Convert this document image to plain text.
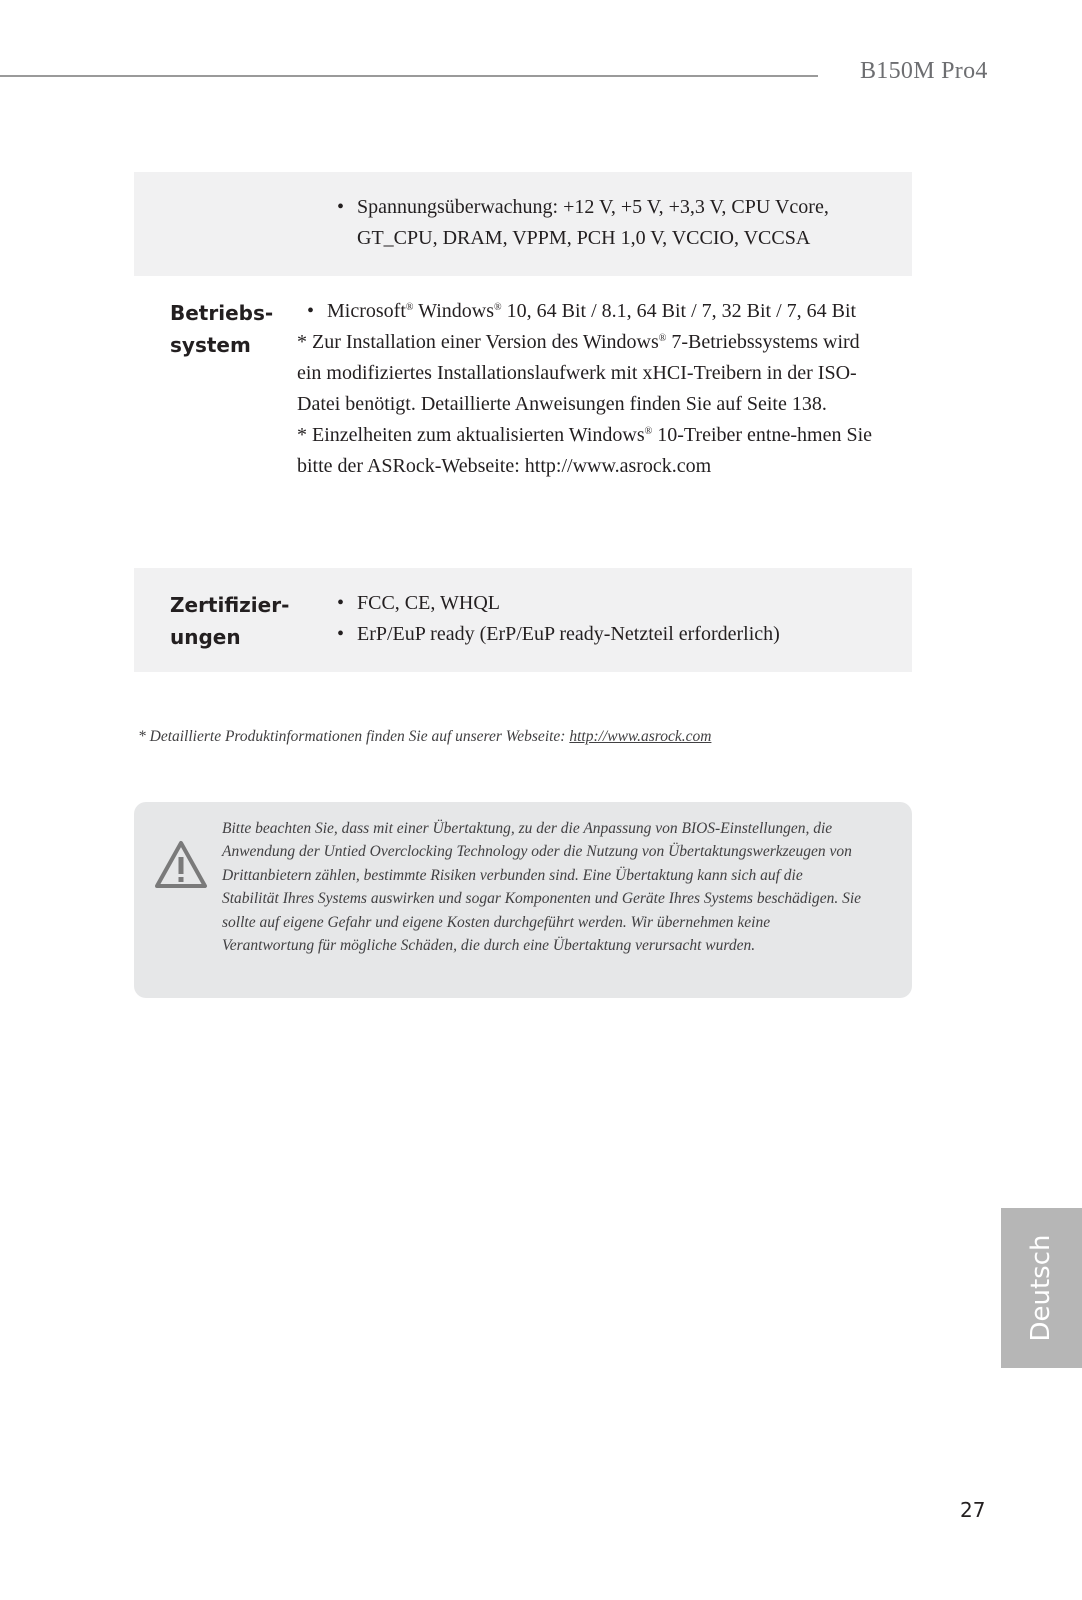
B150M Pro4
• Spannungsüberwachung: +12 V, +5 V, +3,3 V, CPU Vcore, GT_CPU, DRAM, VPPM, PCH 1,0 V, VCCIO, VCCSA
Betriebs-
system
• Microsoft® Windows® 10, 64 Bit / 8.1, 64 Bit / 7, 32 Bit / 7, 64 Bit
* Zur Installation einer Version des Windows® 7-Betriebssystems wird ein modifiziertes Installationslaufwerk mit xHCI-Treibern in der ISO-Datei benötigt. Detaillierte Anweisungen finden Sie auf Seite 138.
* Einzelheiten zum aktualisierten Windows® 10-Treiber entne-hmen Sie bitte der ASRock-Webseite: http://www.asrock.com
Zertifizier-
ungen
• FCC, CE, WHQL
• ErP/EuP ready (ErP/EuP ready-Netzteil erforderlich)
* Detaillierte Produktinformationen finden Sie auf unserer Webseite: http://www.asrock.com
Bitte beachten Sie, dass mit einer Übertaktung, zu der die Anpassung von BIOS-Einstellungen, die Anwendung der Untied Overclocking Technology oder die Nutzung von Übertaktungswerkzeugen von Drittanbietern zählen, bestimmte Risiken verbunden sind. Eine Übertaktung kann sich auf die Stabilität Ihres Systems auswirken und sogar Komponenten und Geräte Ihres Systems beschädigen. Sie sollte auf eigene Gefahr und eigene Kosten durchgeführt werden. Wir übernehmen keine Verantwortung für mögliche Schäden, die durch eine Übertaktung verursacht wurden.
Deutsch
27
